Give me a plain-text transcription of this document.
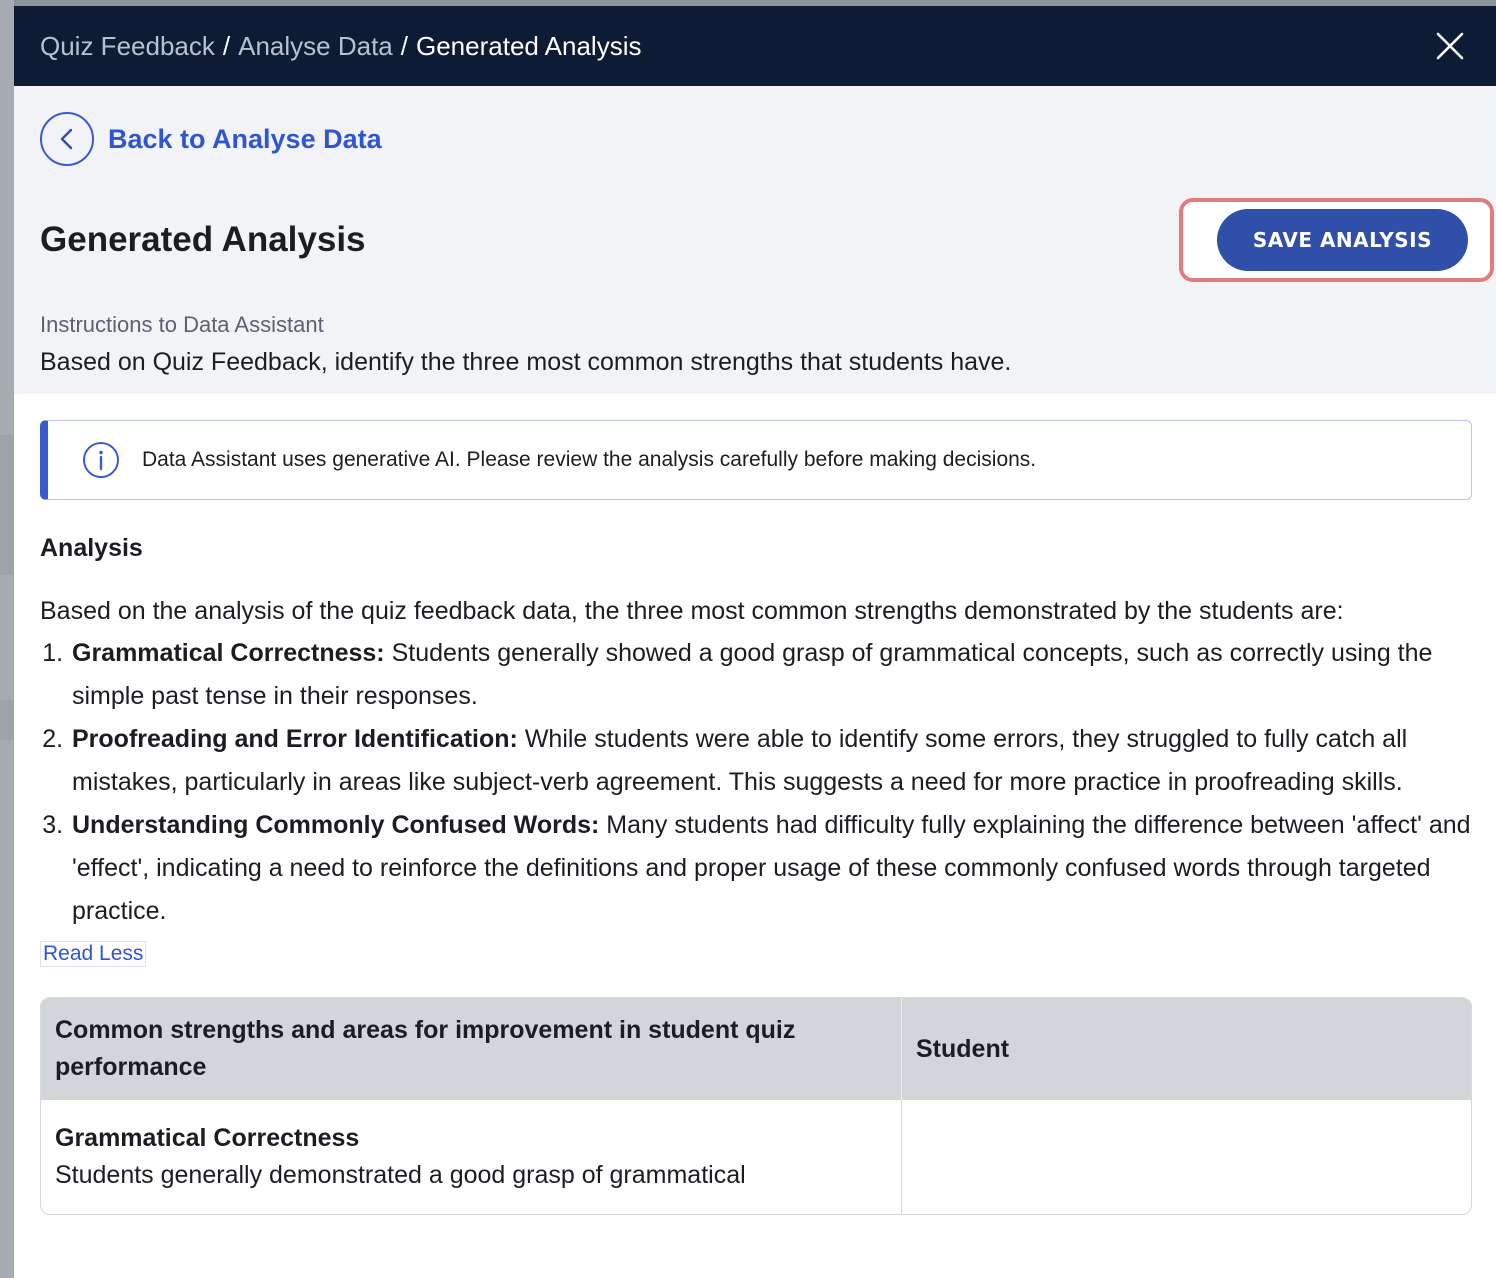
Quiz Feedback / Analyse Data / Generated Analysis
Back to Analyse Data
Generated Analysis	SAVE ANALYSIS
Instructions to Data Assistant
Based on Quiz Feedback, identify the three most common strengths that students have.
Data Assistant uses generative AI. Please review the analysis carefully before making decisions.
Analysis
Based on the analysis of the quiz feedback data, the three most common strengths demonstrated by the students are:
1. Grammatical Correctness: Students generally showed a good grasp of grammatical concepts, such as correctly using the simple past tense in their responses.
2. Proofreading and Error Identification: While students were able to identify some errors, they struggled to fully catch all mistakes, particularly in areas like subject-verb agreement. This suggests a need for more practice in proofreading skills.
3. Understanding Commonly Confused Words: Many students had difficulty fully explaining the difference between 'affect' and 'effect', indicating a need to reinforce the definitions and proper usage of these commonly confused words through targeted practice.
Read Less
Common strengths and areas for improvement in student quiz performance	Student

Grammatical Correctness
Students generally demonstrated a good grasp of grammatical	
